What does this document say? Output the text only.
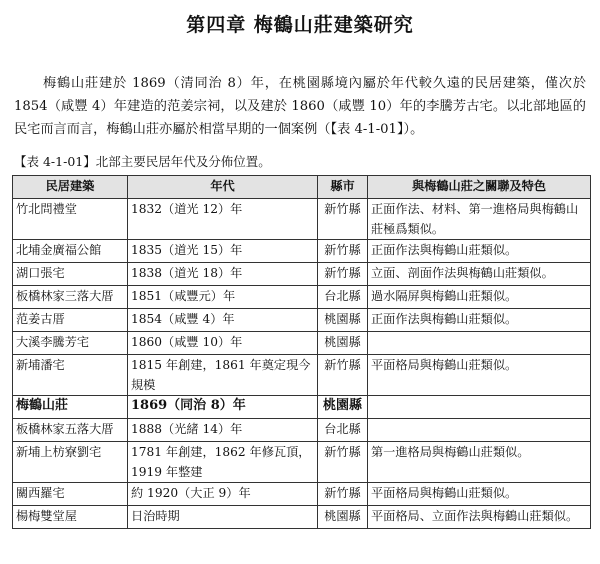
第四章 梅鶴山莊建築研究
梅鶴山莊建於 1869（清同治 8）年，在桃園縣境內屬於年代較久遠的民居建築，僅次於 1854（咸豐 4）年建造的范姜宗祠，以及建於 1860（咸豐 10）年的李騰芳古宅。以北部地區的民宅而言而言，梅鶴山莊亦屬於相當早期的一個案例（【表 4-1-01】）。
【表 4-1-01】北部主要民居年代及分佈位置。
民居建築	年代	縣市	與梅鶴山莊之關聯及特色
竹北問禮堂	1832（道光 12）年	新竹縣	正面作法、材料、第一進格局與梅鶴山莊極爲類似。
北埔金廣福公館	1835（道光 15）年	新竹縣	正面作法與梅鶴山莊類似。
湖口張宅	1838（道光 18）年	新竹縣	立面、剖面作法與梅鶴山莊類似。
板橋林家三落大厝	1851（咸豐元）年	台北縣	過水隔屏與梅鶴山莊類似。
范姜古厝	1854（咸豐 4）年	桃園縣	正面作法與梅鶴山莊類似。
大溪李騰芳宅	1860（咸豐 10）年	桃園縣	
新埔潘宅	1815 年創建，1861 年奠定現今規模	新竹縣	平面格局與梅鶴山莊類似。
梅鶴山莊	1869（同治 8）年	桃園縣	
板橋林家五落大厝	1888（光緒 14）年	台北縣	
新埔上枋寮劉宅	1781 年創建，1862 年修瓦頂，1919 年整建	新竹縣	第一進格局與梅鶴山莊類似。
關西羅宅	約 1920（大正 9）年	新竹縣	平面格局與梅鶴山莊類似。
楊梅雙堂屋	日治時期	桃園縣	平面格局、立面作法與梅鶴山莊類似。
